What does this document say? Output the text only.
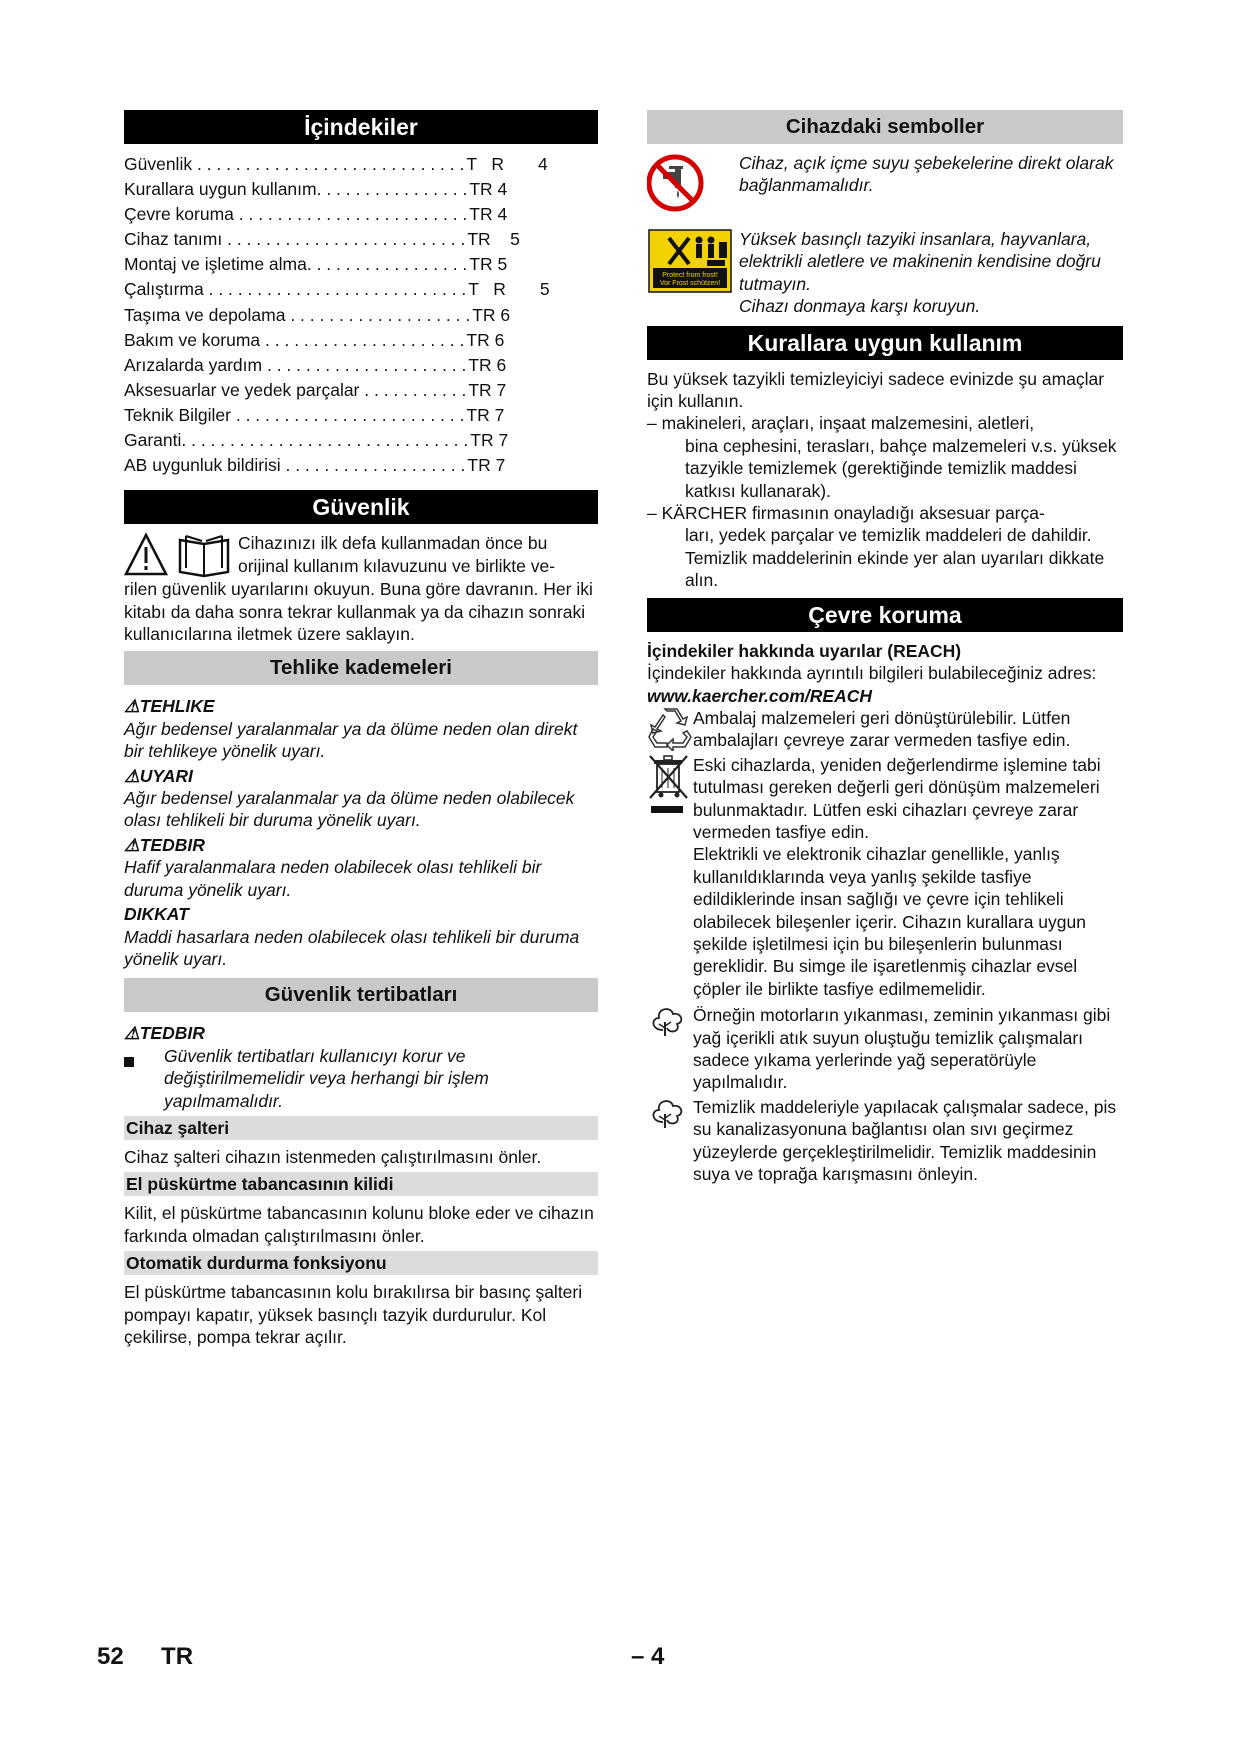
İçindekiler
Güvenlik . . . . . . . . . . . . . . . . . . . . . . . . . . . . T   R       4
Kurallara uygun kullanım. . . . . . . . . . . . . . . . TR 4
Çevre koruma . . . . . . . . . . . . . . . . . . . . . . . . TR 4
Cihaz tanımı . . . . . . . . . . . . . . . . . . . . . . . . . TR    5
Montaj ve işletime alma. . . . . . . . . . . . . . . . . TR 5
Çalıştırma . . . . . . . . . . . . . . . . . . . . . . . . . . . T   R       5
Taşıma ve depolama . . . . . . . . . . . . . . . . . . . TR 6
Bakım ve koruma . . . . . . . . . . . . . . . . . . . . . TR 6
Arızalarda yardım . . . . . . . . . . . . . . . . . . . . . TR 6
Aksesuarlar ve yedek parçalar . . . . . . . . . . . TR 7
Teknik Bilgiler . . . . . . . . . . . . . . . . . . . . . . . . TR 7
Garanti. . . . . . . . . . . . . . . . . . . . . . . . . . . . . . TR 7
AB uygunluk bildirisi . . . . . . . . . . . . . . . . . . . TR 7
Güvenlik

Cihazınızı ilk defa kullanmadan önce bu

orijinal kullanım kılavuzunu ve birlikte ve-

rilen güvenlik uyarılarını okuyun. Buna göre davranın. Her iki kitabı da daha sonra tekrar kullanmak ya da cihazın sonraki kullanıcılarına iletmek üzere saklayın.

Tehlike kademeleri

⚠TEHLIKE

Ağır bedensel yaralanmalar ya da ölüme neden olan direkt bir tehlikeye yönelik uyarı.

⚠UYARI

Ağır bedensel yaralanmalar ya da ölüme neden olabilecek olası tehlikeli bir duruma yönelik uyarı.

⚠TEDBIR

Hafif yaralanmalara neden olabilecek olası tehlikeli bir duruma yönelik uyarı.

DIKKAT

Maddi hasarlara neden olabilecek olası tehlikeli bir duruma yönelik uyarı.

Güvenlik tertibatları

⚠TEDBIR

Güvenlik tertibatları kullanıcıyı korur ve değiştirilmemelidir veya herhangi bir işlem yapılmamalıdır.

Cihaz şalteri

Cihaz şalteri cihazın istenmeden çalıştırılmasını önler.

El püskürtme tabancasının kilidi

Kilit, el püskürtme tabancasının kolunu bloke eder ve cihazın farkında olmadan çalıştırılmasını önler.

Otomatik durdurma fonksiyonu

El püskürtme tabancasının kolu bırakılırsa bir basınç şalteri pompayı kapatır, yüksek basınçlı tazyik durdurulur. Kol çekilirse, pompa tekrar açılır.

Cihazdaki semboller

Cihaz, açık içme suyu şebekelerine direkt olarak bağlanmamalıdır.

Protect from frost!
Vor Frost schützen!

Yüksek basınçlı tazyiki insanlara, hayvanlara, elektrikli aletlere ve makinenin kendisine doğru tutmayın.

Cihazı donmaya karşı koruyun.

Kurallara uygun kullanım

Bu yüksek tazyikli temizleyiciyi sadece evinizde şu amaçlar için kullanın.

– makineleri, araçları, inşaat malzemesini, aletleri,

bina cephesini, terasları, bahçe malzemeleri v.s. yüksek tazyikle temizlemek (gerektiğinde temizlik maddesi katkısı kullanarak).

– KÄRCHER firmasının onayladığı aksesuar parça-

ları, yedek parçalar ve temizlik maddeleri de dahildir. Temizlik maddelerinin ekinde yer alan uyarıları dikkate alın.

Çevre koruma

İçindekiler hakkında uyarılar (REACH)

İçindekiler hakkında ayrıntılı bilgileri bulabileceğiniz adres:

www.kaercher.com/REACH

Ambalaj malzemeleri geri dönüştürülebilir. Lütfen ambalajları çevreye zarar vermeden tasfiye edin.

Eski cihazlarda, yeniden değerlendirme işlemine tabi tutulması gereken değerli geri dönüşüm malzemeleri bulunmaktadır. Lütfen eski cihazları çevreye zarar vermeden tasfiye edin.

Elektrikli ve elektronik cihazlar genellikle, yanlış kullanıldıklarında veya yanlış şekilde tasfiye edildiklerinde insan sağlığı ve çevre için tehlikeli olabilecek bileşenler içerir. Cihazın kurallara uygun şekilde işletilmesi için bu bileşenlerin bulunması gereklidir. Bu simge ile işaretlenmiş cihazlar evsel çöpler ile birlikte tasfiye edilmemelidir.

Örneğin motorların yıkanması, zeminin yıkanması gibi yağ içerikli atık suyun oluştuğu temizlik çalışmaları sadece yıkama yerlerinde yağ seperatörüyle yapılmalıdır.

Temizlik maddeleriyle yapılacak çalışmalar sadece, pis su kanalizasyonuna bağlantısı olan sıvı geçirmez yüzeylerde gerçekleştirilmelidir. Temizlik maddesinin suya ve toprağa karışmasını önleyin.

52 TR	– 4
